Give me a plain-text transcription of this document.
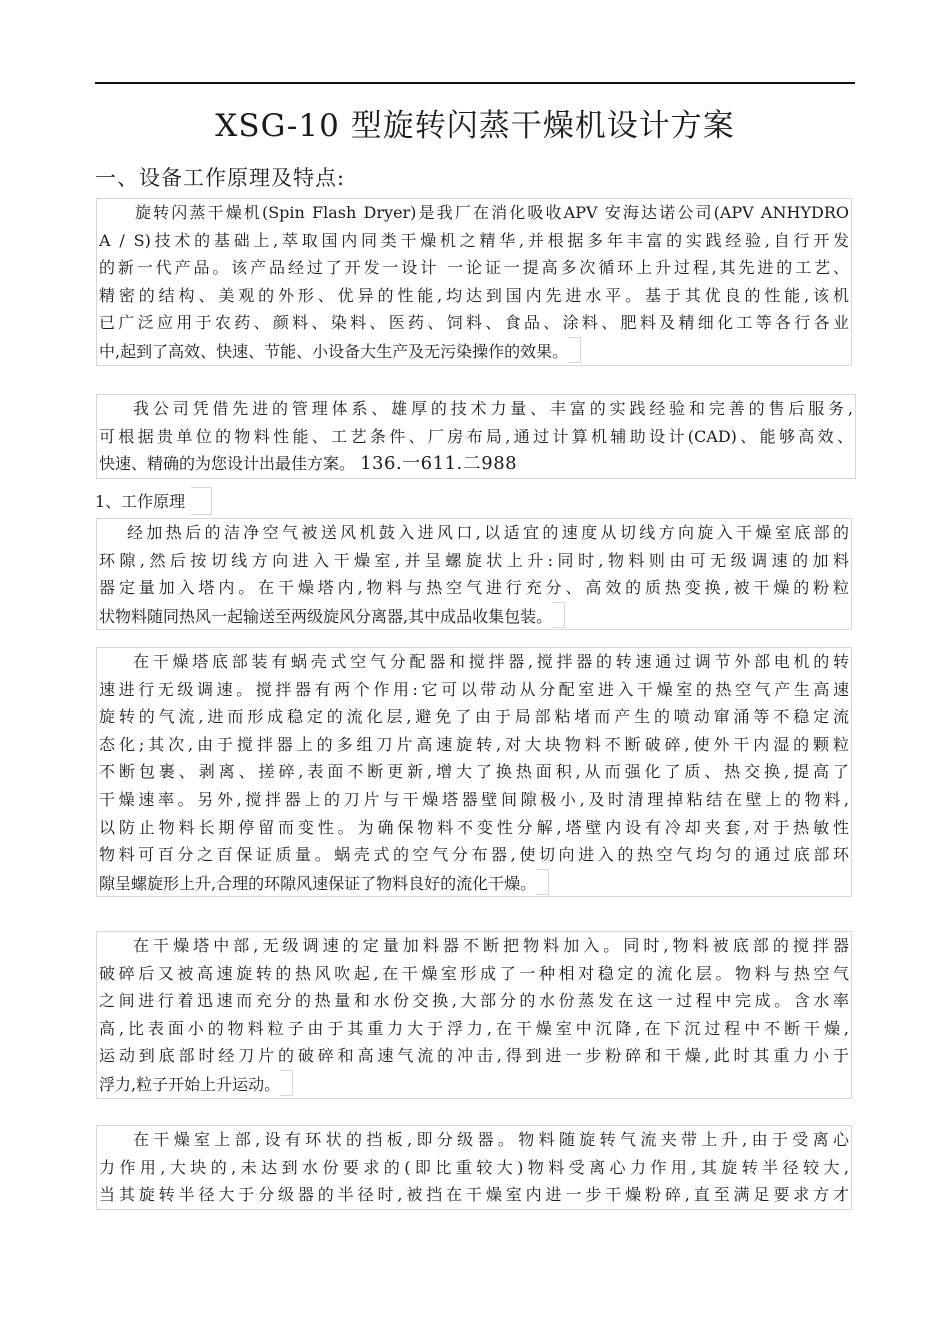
XSG-10 型旋转闪蒸干燥机设计方案
一、设备工作原理及特点:
旋转闪蒸干燥机(Spin Flash Dryer)是我厂在消化吸收APV 安海达诺公司(APV ANHYDRO
A / S)技术的基础上,萃取国内同类干燥机之精华,并根据多年丰富的实践经验,自行开发
的新一代产品。该产品经过了开发一设计 一论证一提高多次循环上升过程,其先进的工艺、
精密的结构、美观的外形、优异的性能,均达到国内先进水平。基于其优良的性能,该机
已广泛应用于农药、颜料、染料、医药、饲料、食品、涂料、肥料及精细化工等各行各业
中,起到了高效、快速、节能、小设备大生产及无污染操作的效果。
我公司凭借先进的管理体系、雄厚的技术力量、丰富的实践经验和完善的售后服务,
可根据贵单位的物料性能、工艺条件、厂房布局,通过计算机辅助设计(CAD)、能够高效、
快速、精确的为您设计出最佳方案。 136.一611.二988
1、工作原理
经加热后的洁净空气被送风机鼓入进风口,以适宜的速度从切线方向旋入干燥室底部的
环隙,然后按切线方向进入干燥室,并呈螺旋状上升:同时,物料则由可无级调速的加料
器定量加入塔内。在干燥塔内,物料与热空气进行充分、高效的质热变换,被干燥的粉粒
状物料随同热风一起输送至两级旋风分离器,其中成品收集包装。
在干燥塔底部装有蜗壳式空气分配器和搅拌器,搅拌器的转速通过调节外部电机的转
速进行无级调速。搅拌器有两个作用:它可以带动从分配室进入干燥室的热空气产生高速
旋转的气流,进而形成稳定的流化层,避免了由于局部粘堵而产生的喷动窜涌等不稳定流
态化;其次,由于搅拌器上的多组刀片高速旋转,对大块物料不断破碎,使外干内湿的颗粒
不断包裹、剥离、搓碎,表面不断更新,增大了换热面积,从而强化了质、热交换,提高了
干燥速率。另外,搅拌器上的刀片与干燥塔器壁间隙极小,及时清理掉粘结在壁上的物料,
以防止物料长期停留而变性。为确保物料不变性分解,塔壁内设有冷却夹套,对于热敏性
物料可百分之百保证质量。蜗壳式的空气分布器,使切向进入的热空气均匀的通过底部环
隙呈螺旋形上升,合理的环隙风速保证了物料良好的流化干燥。
在干燥塔中部,无级调速的定量加料器不断把物料加入。同时,物料被底部的搅拌器
破碎后又被高速旋转的热风吹起,在干燥室形成了一种相对稳定的流化层。物料与热空气
之间进行着迅速而充分的热量和水份交换,大部分的水份蒸发在这一过程中完成。含水率
高,比表面小的物料粒子由于其重力大于浮力,在干燥室中沉降,在下沉过程中不断干燥,
运动到底部时经刀片的破碎和高速气流的冲击,得到进一步粉碎和干燥,此时其重力小于
浮力,粒子开始上升运动。
在干燥室上部,设有环状的挡板,即分级器。物料随旋转气流夹带上升,由于受离心
力作用,大块的,未达到水份要求的(即比重较大)物料受离心力作用,其旋转半径较大,
当其旋转半径大于分级器的半径时,被挡在干燥室内进一步干燥粉碎,直至满足要求方才
